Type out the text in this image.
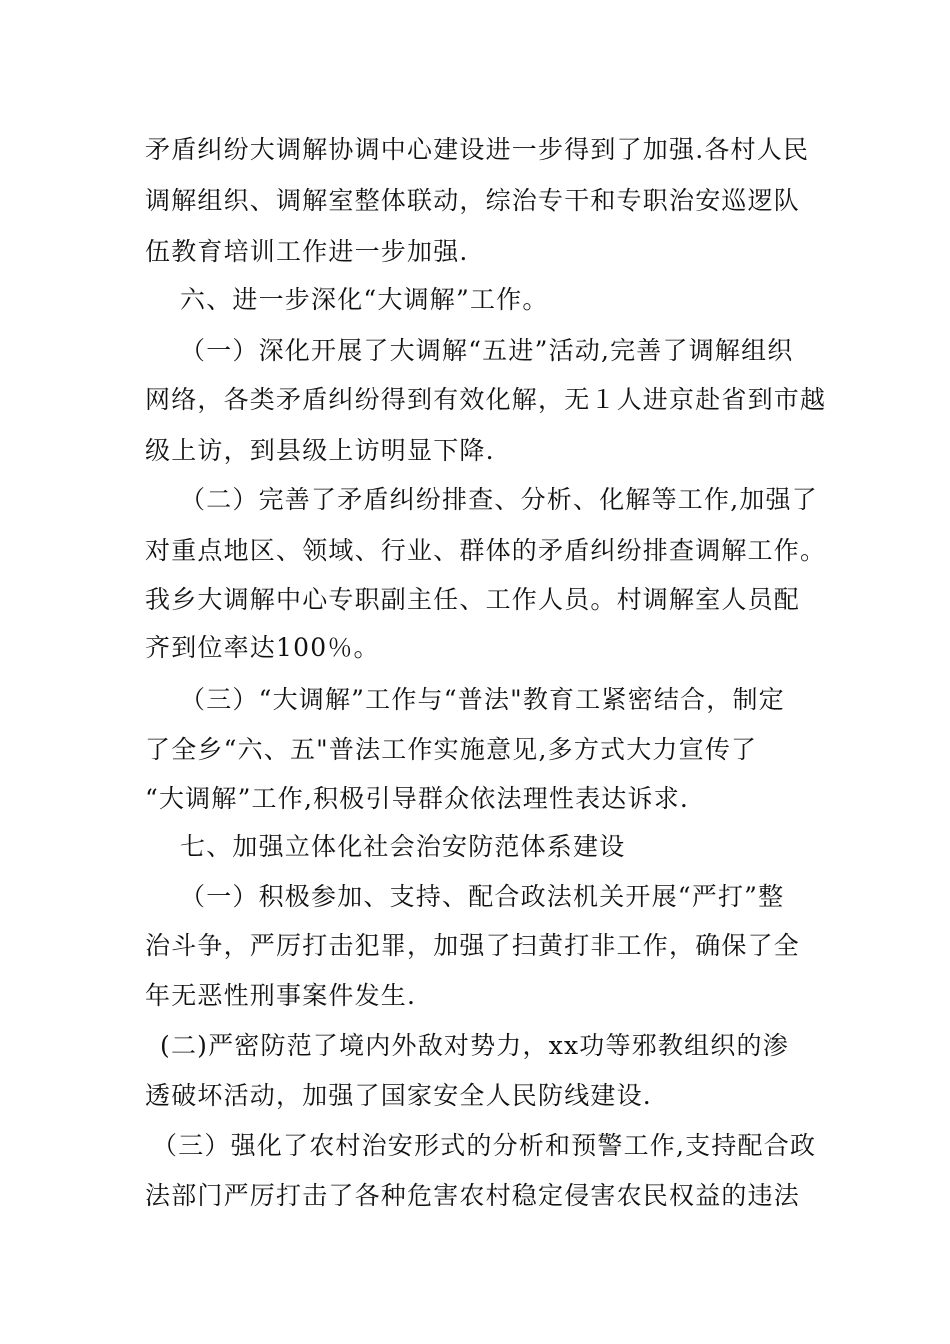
矛盾纠纷大调解协调中心建设进一步得到了加强.各村人民
调解组织、调解室整体联动，综治专干和专职治安巡逻队
伍教育培训工作进一步加强.
六、进一步深化“大调解”工作。
（一）深化开展了大调解“五进”活动,完善了调解组织
网络，各类矛盾纠纷得到有效化解，无１人进京赴省到市越
级上访，到县级上访明显下降.
（二）完善了矛盾纠纷排查、分析、化解等工作,加强了
对重点地区、领域、行业、群体的矛盾纠纷排查调解工作。
我乡大调解中心专职副主任、工作人员。村调解室人员配
齐到位率达100％。
（三）“大调解”工作与“普法"教育工紧密结合，制定
了全乡“六、五"普法工作实施意见,多方式大力宣传了
“大调解”工作,积极引导群众依法理性表达诉求.
七、加强立体化社会治安防范体系建设
（一）积极参加、支持、配合政法机关开展“严打”整
治斗争，严厉打击犯罪，加强了扫黄打非工作，确保了全
年无恶性刑事案件发生.
(二)严密防范了境内外敌对势力，xx功等邪教组织的渗
透破坏活动，加强了国家安全人民防线建设.
（三）强化了农村治安形式的分析和预警工作,支持配合政
法部门严厉打击了各种危害农村稳定侵害农民权益的违法
